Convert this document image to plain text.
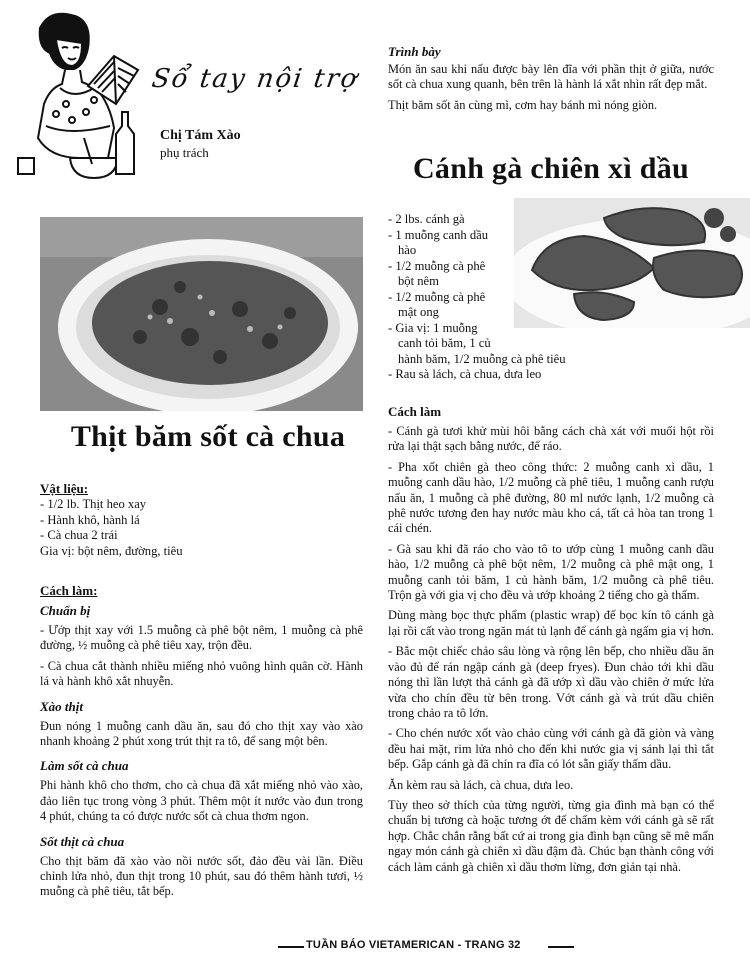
Sổ tay nội trợ
Chị Tám Xào
phụ trách
Thịt băm sốt cà chua
Vật liệu:
- 1/2 lb. Thịt heo xay
- Hành khô, hành lá
- Cà chua 2 trái
Gia vị: bột nêm, đường, tiêu
Cách làm:
Chuẩn bị

- Ướp thịt xay với 1.5 muỗng cà phê bột nêm, 1 muỗng cà phê đường, ½ muỗng cà phê tiêu xay, trộn đều.

- Cà chua cắt thành nhiều miếng nhỏ vuông hình quân cờ. Hành lá và hành khô xắt nhuyễn.

Xào thịt

Đun nóng 1 muỗng canh dầu ăn, sau đó cho thịt xay vào xào nhanh khoảng 2 phút xong trút thịt ra tô, để sang một bên.

Làm sốt cà chua

Phi hành khô cho thơm, cho cà chua đã xắt miếng nhỏ vào xào, đảo liên tục trong vòng 3 phút. Thêm một ít nước vào đun trong 4 phút, chúng ta có được nước sốt cà chua thơm ngon.

Sốt thịt cà chua

Cho thịt băm đã xào vào nồi nước sốt, đảo đều vài lần. Điều chỉnh lửa nhỏ, đun thịt trong 10 phút, sau đó thêm hành tươi, ½ muỗng cà phê tiêu, tắt bếp.

Trình bày

Món ăn sau khi nấu được bày lên đĩa với phần thịt ở giữa, nước sốt cà chua xung quanh, bên trên là hành lá xắt nhìn rất đẹp mắt.

Thịt băm sốt ăn cùng mì, cơm hay bánh mì nóng giòn.

Cánh gà chiên xì dầu
- 2 lbs. cánh gà
- 1 muỗng canh dầu
hào
- 1/2 muỗng cà phê
bột nêm
- 1/2 muỗng cà phê
mật ong
- Gia vị: 1 muỗng
canh tỏi băm, 1 củ
hành băm, 1/2 muỗng cà phê tiêu
- Rau sà lách, cà chua, dưa leo
Cách làm

- Cánh gà tươi khử mùi hôi bằng cách chà xát với muối hột rồi rửa lại thật sạch bằng nước, để ráo.

- Pha xốt chiên gà theo công thức: 2 muỗng canh xì dầu, 1 muỗng canh dầu hào, 1/2 muỗng cà phê tiêu, 1 muỗng canh rượu nấu ăn, 1 muỗng cà phê đường, 80 ml nước lạnh, 1/2 muỗng cà phê nước tương đen hay nước màu kho cá, tất cả hòa tan trong 1 cái chén.

- Gà sau khi đã ráo cho vào tô to ướp cùng 1 muỗng canh dầu hào, 1/2 muỗng cà phê bột nêm, 1/2 muỗng cà phê mật ong, 1 muỗng canh tỏi băm, 1 củ hành băm, 1/2 muỗng cà phê tiêu. Trộn gà với gia vị cho đều và ướp khoảng 2 tiếng cho gà thấm.

Dùng màng bọc thực phẩm (plastic wrap) để bọc kín tô cánh gà lại rồi cất vào trong ngăn mát tủ lạnh để cánh gà ngấm gia vị hơn.

- Bắc một chiếc chảo sâu lòng và rộng lên bếp, cho nhiều dầu ăn vào đủ để rán ngập cánh gà (deep fryes). Đun chảo tới khi dầu nóng thì lần lượt thả cánh gà đã ướp xì dầu vào chiên ở mức lửa vừa cho chín đều từ bên trong. Vớt cánh gà và trút dầu chiên trong chảo ra tô lớn.

- Cho chén nước xốt vào chảo cùng với cánh gà đã giòn và vàng đều hai mặt, rim lửa nhỏ cho đến khi nước gia vị sánh lại thì tắt bếp. Gắp cánh gà đã chín ra đĩa có lót sẵn giấy thấm dầu.

Ăn kèm rau sà lách, cà chua, dưa leo.

Tùy theo sở thích của từng người, từng gia đình mà bạn có thể chuẩn bị tương cà hoặc tương ớt để chấm kèm với cánh gà sẽ rất hợp. Chắc chắn rằng bất cứ ai trong gia đình bạn cũng sẽ mê mẩn ngay món cánh gà chiên xì dầu đậm đà. Chúc bạn thành công với cách làm cánh gà chiên xì dầu thơm lừng, đơn giản tại nhà.

TUẦN BÁO VIETAMERICAN - TRANG 32
